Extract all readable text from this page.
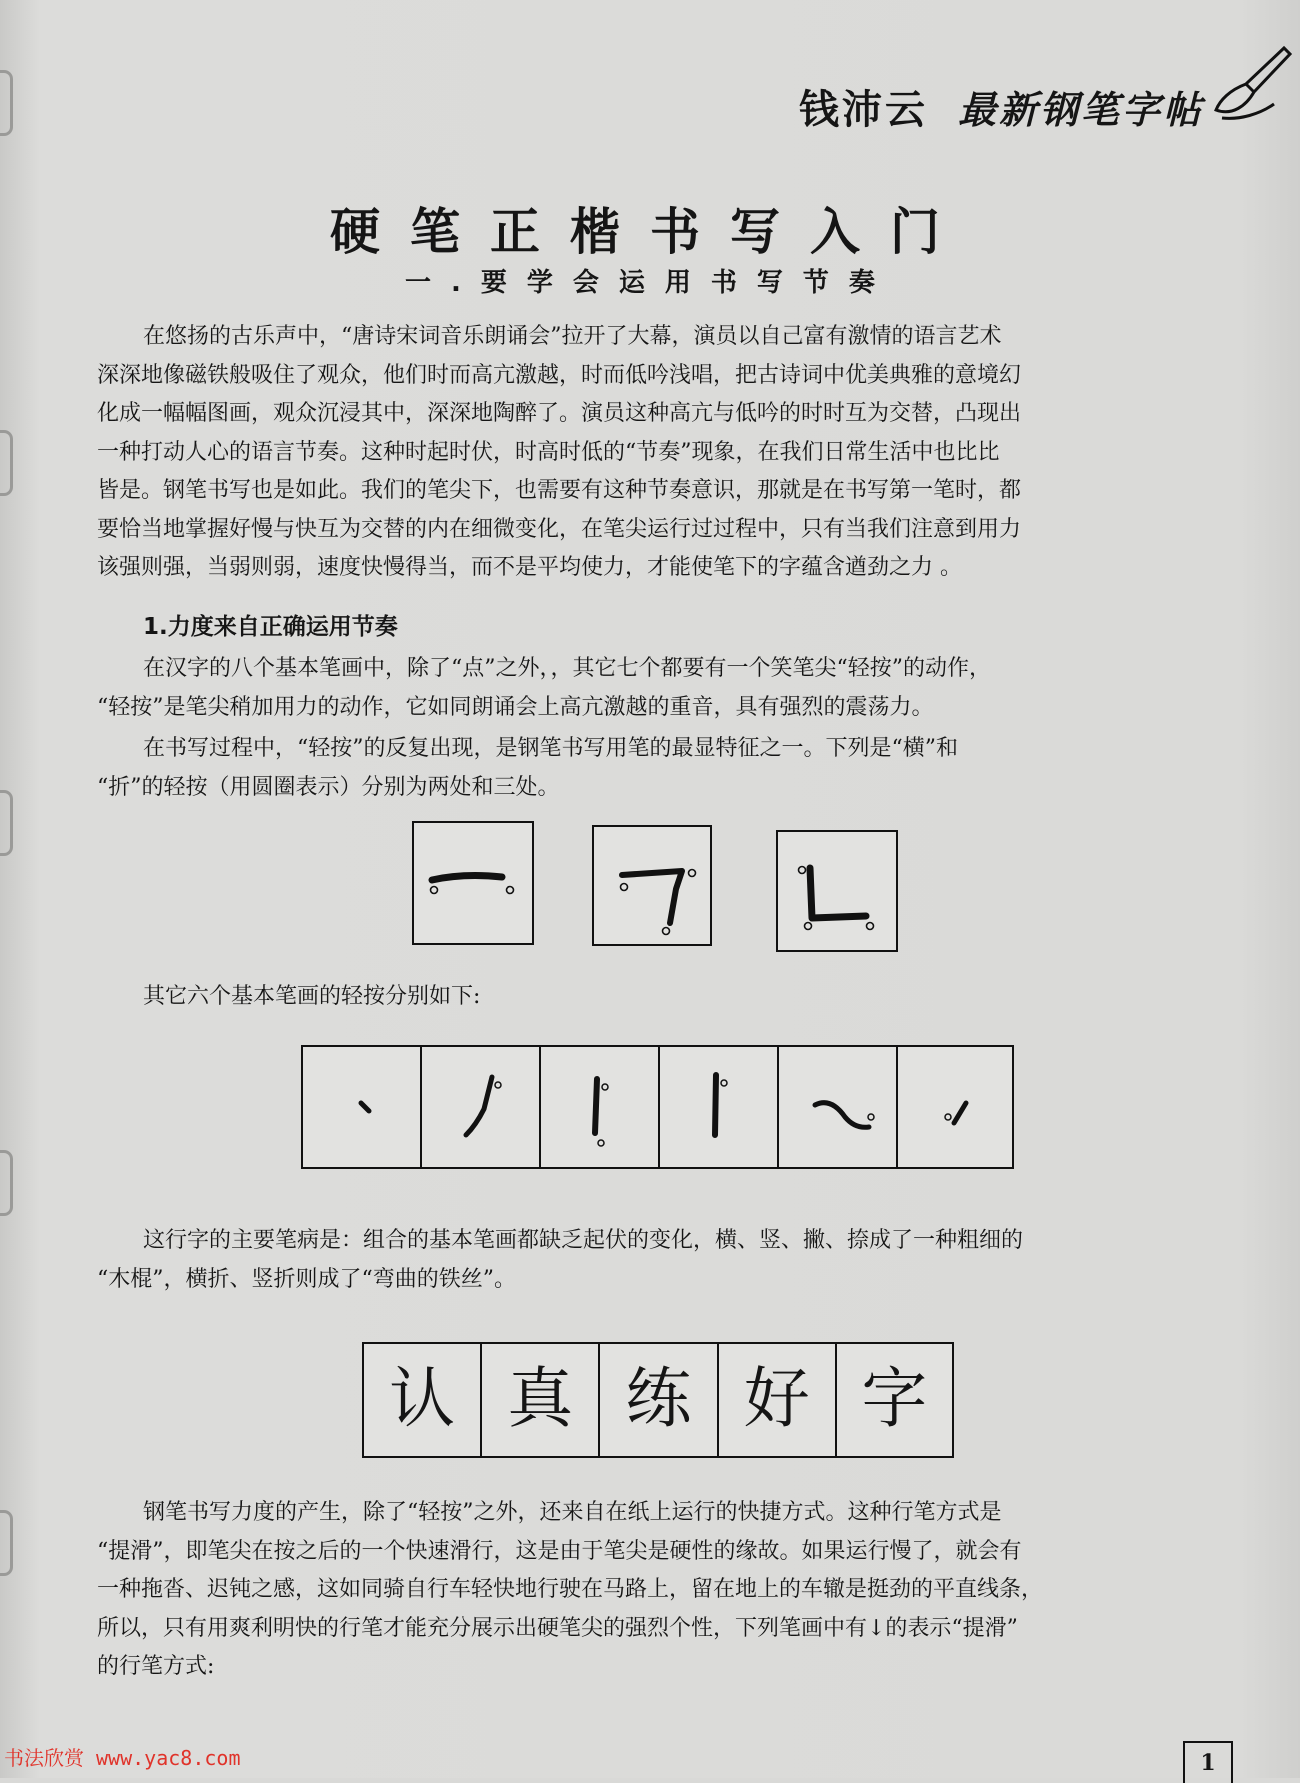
钱沛云 最新钢笔字帖
硬笔正楷书写入门
一.要学会运用书写节奏
在悠扬的古乐声中，“唐诗宋词音乐朗诵会”拉开了大幕，演员以自己富有激情的语言艺术
深深地像磁铁般吸住了观众，他们时而高亢激越，时而低吟浅唱，把古诗词中优美典雅的意境幻
化成一幅幅图画，观众沉浸其中，深深地陶醉了。演员这种高亢与低吟的时时互为交替，凸现出
一种打动人心的语言节奏。这种时起时伏，时高时低的“节奏”现象，在我们日常生活中也比比
皆是。钢笔书写也是如此。我们的笔尖下，也需要有这种节奏意识，那就是在书写第一笔时，都
要恰当地掌握好慢与快互为交替的内在细微变化，在笔尖运行过过程中，只有当我们注意到用力
该强则强，当弱则弱，速度快慢得当，而不是平均使力，才能使笔下的字蕴含遒劲之力 。
1.力度来自正确运用节奏
在汉字的八个基本笔画中，除了“点”之外，，其它七个都要有一个笑笔尖“轻按”的动作，
“轻按”是笔尖稍加用力的动作，它如同朗诵会上高亢激越的重音，具有强烈的震荡力。
在书写过程中，“轻按”的反复出现，是钢笔书写用笔的最显特征之一。下列是“横”和
“折”的轻按（用圆圈表示）分别为两处和三处。
其它六个基本笔画的轻按分别如下:
这行字的主要笔病是：组合的基本笔画都缺乏起伏的变化，横、竖、撇、捺成了一种粗细的
“木棍”，横折、竖折则成了“弯曲的铁丝”。
认 真 练 好 字
钢笔书写力度的产生，除了“轻按”之外，还来自在纸上运行的快捷方式。这种行笔方式是
“提滑”，即笔尖在按之后的一个快速滑行，这是由于笔尖是硬性的缘故。如果运行慢了，就会有
一种拖沓、迟钝之感，这如同骑自行车轻快地行驶在马路上，留在地上的车辙是挺劲的平直线条，
所以，只有用爽利明快的行笔才能充分展示出硬笔尖的强烈个性，下列笔画中有↓的表示“提滑”
的行笔方式:
书法欣赏 www.yac8.com	1
